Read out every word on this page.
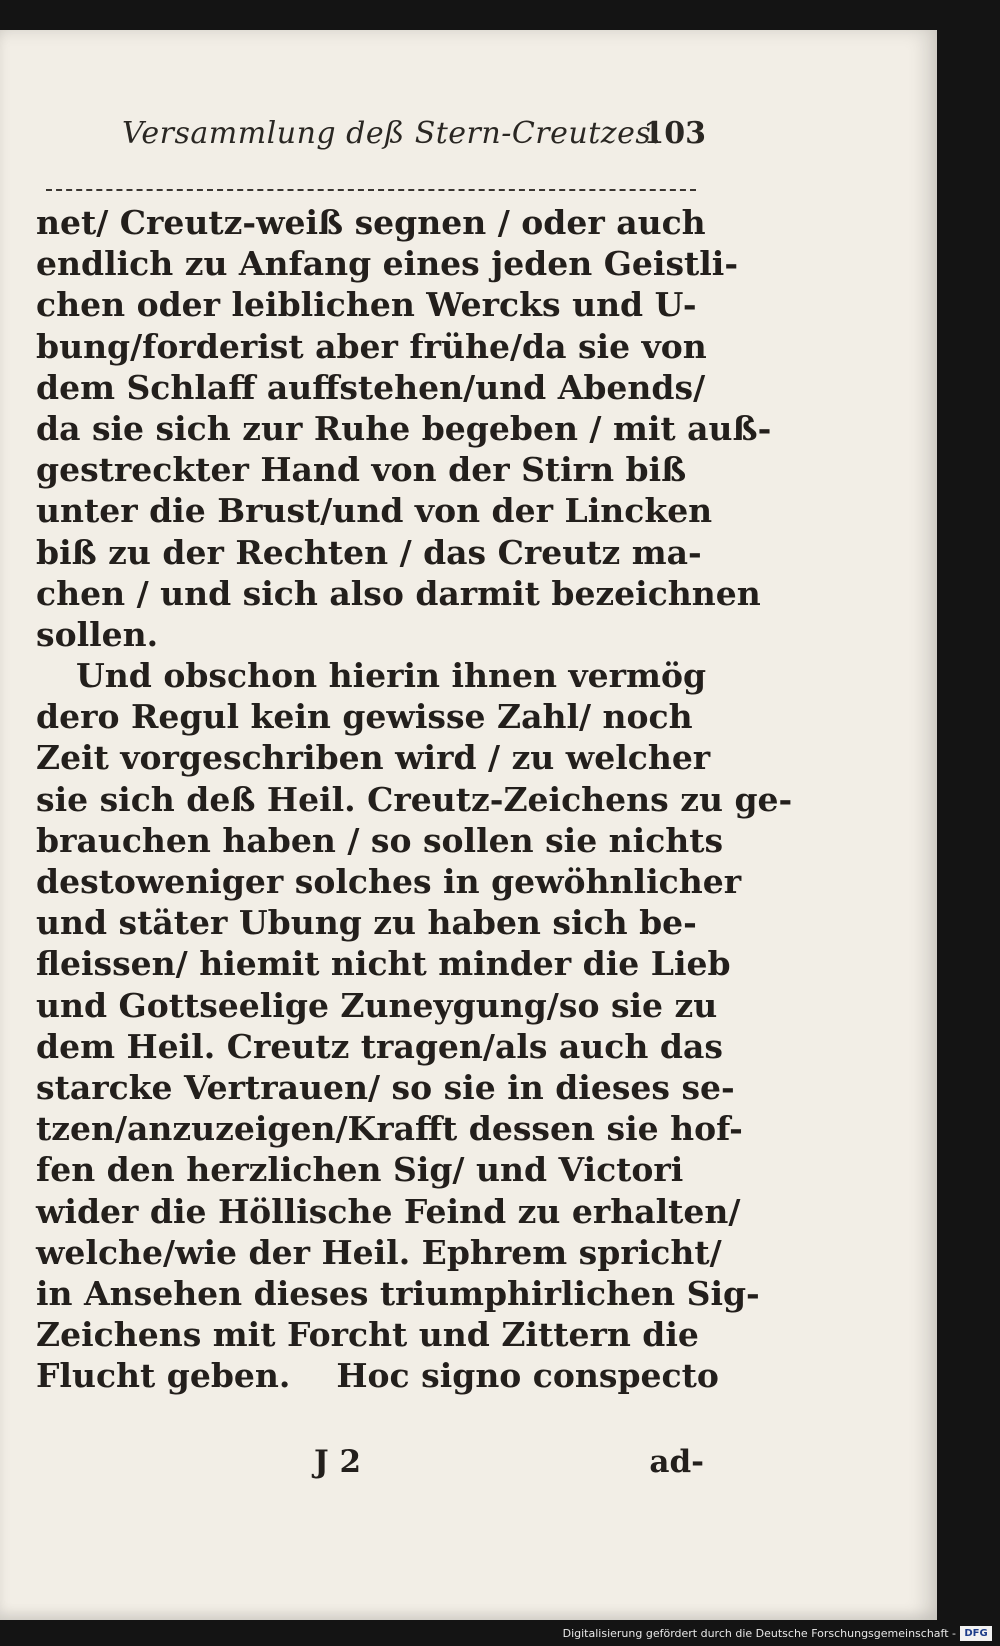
Versammlung deß Stern-Creutzes.
103
net/ Creutz-weiß segnen / oder auch
endlich zu Anfang eines jeden Geistli-
chen oder leiblichen Wercks und U-
bung/forderist aber frühe/da sie von
dem Schlaff auffstehen/und Abends/
da sie sich zur Ruhe begeben / mit auß-
gestreckter Hand von der Stirn biß
unter die Brust/und von der Lincken
biß zu der Rechten / das Creutz ma-
chen / und sich also darmit bezeichnen
sollen.
Und obschon hierin ihnen vermög
dero Regul kein gewisse Zahl/ noch
Zeit vorgeschriben wird / zu welcher
sie sich deß Heil. Creutz-Zeichens zu ge-
brauchen haben / so sollen sie nichts
destoweniger solches in gewöhnlicher
und stäter Ubung zu haben sich be-
fleissen/ hiemit nicht minder die Lieb
und Gottseelige Zuneygung/so sie zu
dem Heil. Creutz tragen/als auch das
starcke Vertrauen/ so sie in dieses se-
tzen/anzuzeigen/Krafft dessen sie hof-
fen den herzlichen Sig/ und Victori
wider die Höllische Feind zu erhalten/
welche/wie der Heil. Ephrem spricht/
in Ansehen dieses triumphirlichen Sig-
Zeichens mit Forcht und Zittern die
Flucht geben.    Hoc signo conspecto
J 2	ad-
Digitalisierung gefördert durch die Deutsche Forschungsgemeinschaft - DFG
